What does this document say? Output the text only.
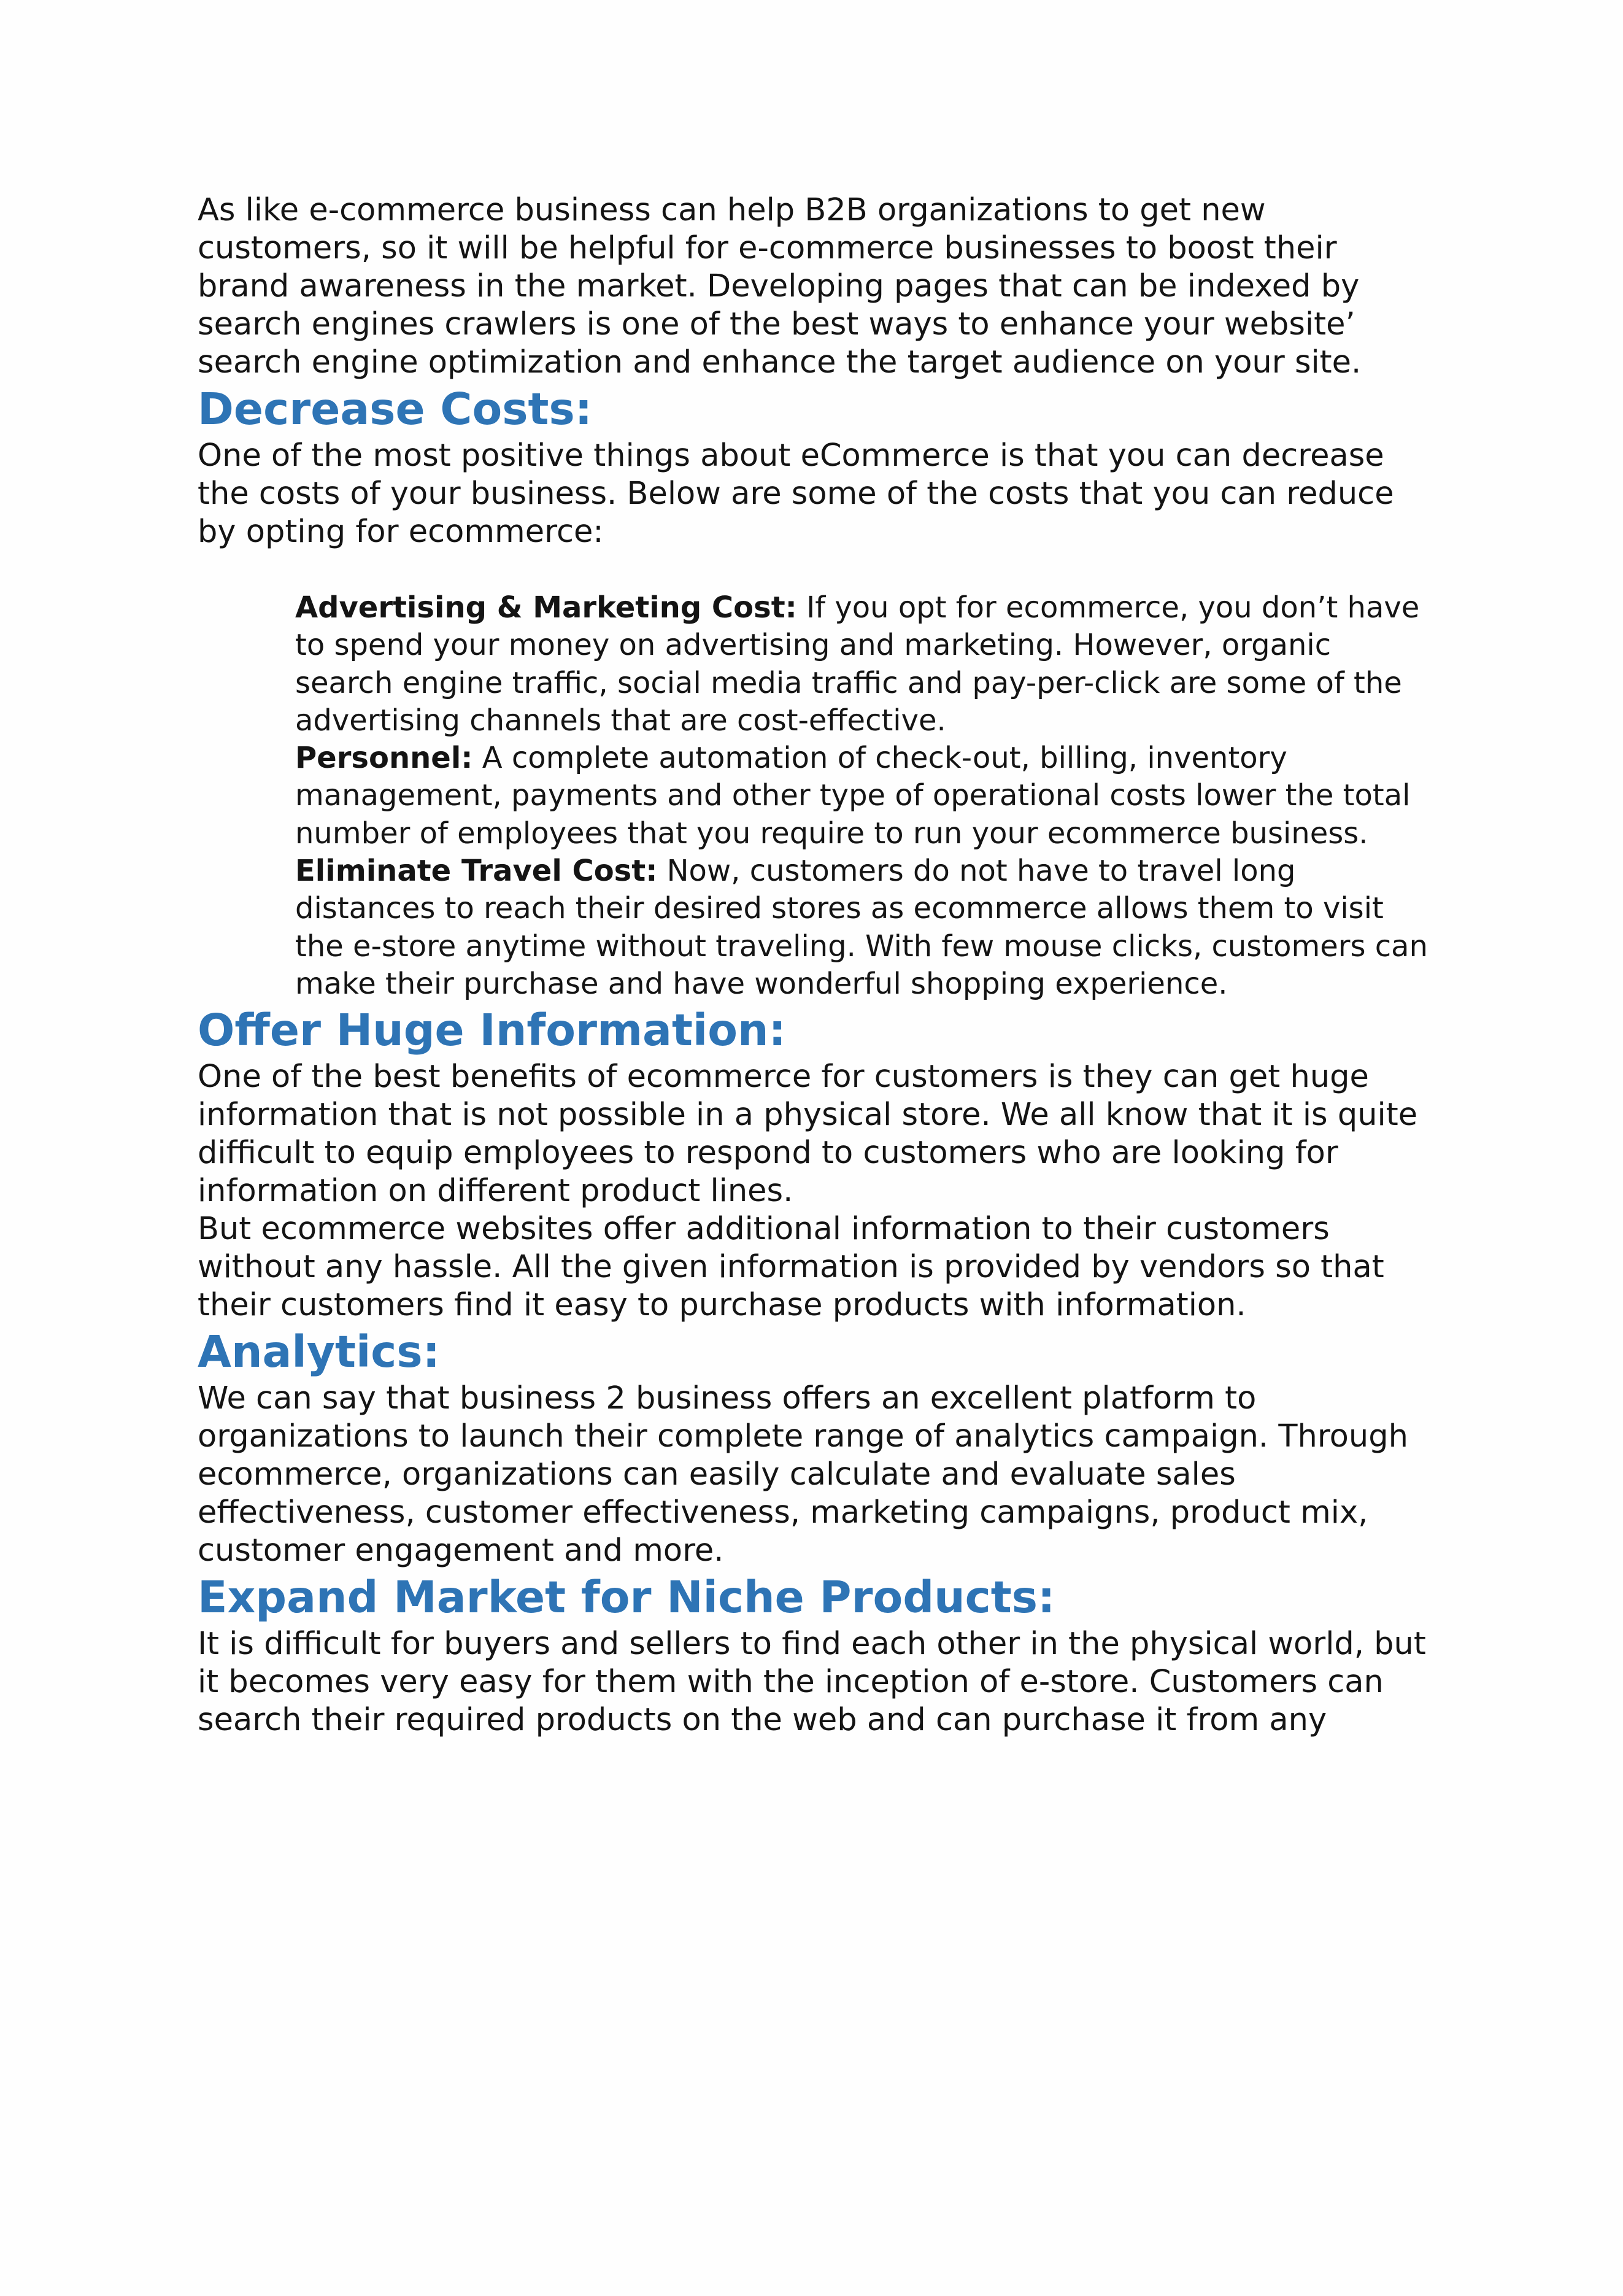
As like e-commerce business can help B2B organizations to get new customers, so it will be helpful for e-commerce businesses to boost their brand awareness in the market. Developing pages that can be indexed by search engines crawlers is one of the best ways to enhance your website’ search engine optimization and enhance the target audience on your site.

Decrease Costs:

One of the most positive things about eCommerce is that you can decrease the costs of your business. Below are some of the costs that you can reduce by opting for ecommerce:

Advertising & Marketing Cost: If you opt for ecommerce, you don’t have to spend your money on advertising and marketing. However, organic search engine traffic, social media traffic and pay-per-click are some of the advertising channels that are cost-effective.
Personnel: A complete automation of check-out, billing, inventory management, payments and other type of operational costs lower the total number of employees that you require to run your ecommerce business.
Eliminate Travel Cost: Now, customers do not have to travel long distances to reach their desired stores as ecommerce allows them to visit the e-store anytime without traveling. With few mouse clicks, customers can make their purchase and have wonderful shopping experience.
Offer Huge Information:

One of the best benefits of ecommerce for customers is they can get huge information that is not possible in a physical store. We all know that it is quite difficult to equip employees to respond to customers who are looking for information on different product lines.

But ecommerce websites offer additional information to their customers without any hassle. All the given information is provided by vendors so that their customers find it easy to purchase products with information.

Analytics:

We can say that business 2 business offers an excellent platform to organizations to launch their complete range of analytics campaign. Through ecommerce, organizations can easily calculate and evaluate sales effectiveness, customer effectiveness, marketing campaigns, product mix, customer engagement and more.

Expand Market for Niche Products:

It is difficult for buyers and sellers to find each other in the physical world, but it becomes very easy for them with the inception of e-store. Customers can search their required products on the web and can purchase it from any
